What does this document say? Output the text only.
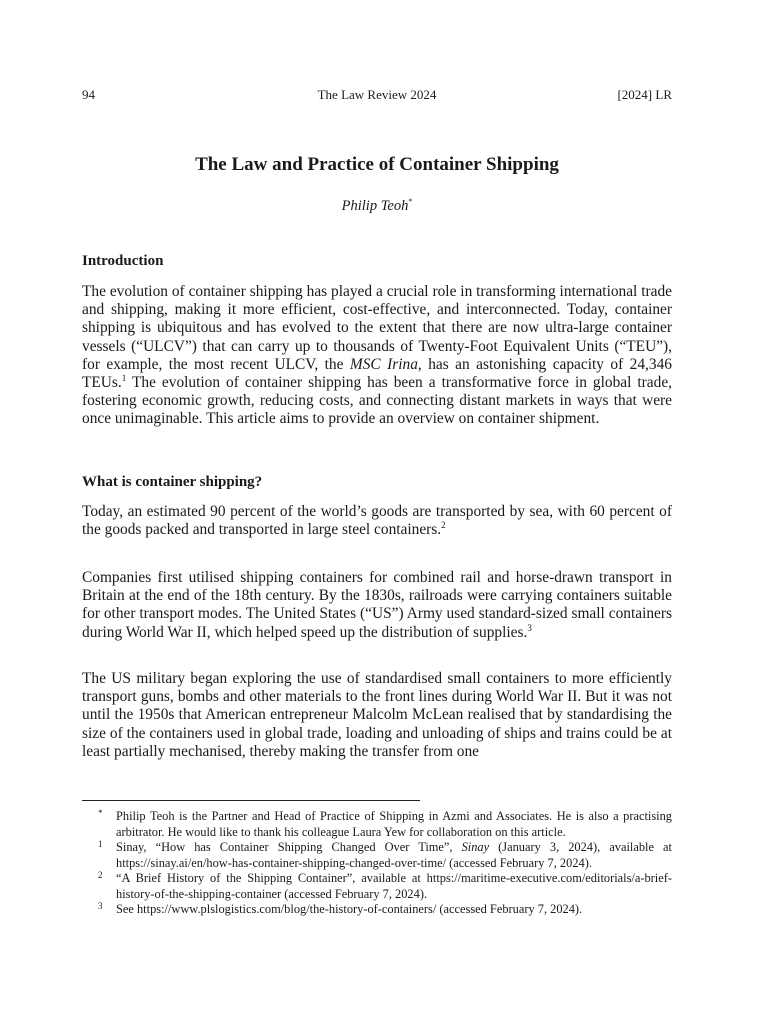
94	The Law Review 2024	[2024] LR
The Law and Practice of Container Shipping
Philip Teoh*
Introduction

The evolution of container shipping has played a crucial role in transforming international trade and shipping, making it more efficient, cost-effective, and interconnected. Today, container shipping is ubiquitous and has evolved to the extent that there are now ultra-large container vessels (“ULCV”) that can carry up to thousands of Twenty-Foot Equivalent Units (“TEU”), for example, the most recent ULCV, the MSC Irina, has an astonishing capacity of 24,346 TEUs.$^1$ The evolution of container shipping has been a transformative force in global trade, fostering economic growth, reducing costs, and connecting distant markets in ways that were once unimaginable. This article aims to provide an overview on container shipment.

What is container shipping?

Today, an estimated 90 percent of the world’s goods are transported by sea, with 60 percent of the goods packed and transported in large steel containers.$^2$

Companies first utilised shipping containers for combined rail and horse-drawn transport in Britain at the end of the 18th century. By the 1830s, railroads were carrying containers suitable for other transport modes. The United States (“US”) Army used standard-sized small containers during World War II, which helped speed up the distribution of supplies.$^3$

The US military began exploring the use of standardised small containers to more efficiently transport guns, bombs and other materials to the front lines during World War II. But it was not until the 1950s that American entrepreneur Malcolm McLean realised that by standardising the size of the containers used in global trade, loading and unloading of ships and trains could be at least partially mechanised, thereby making the transfer from one

* Philip Teoh is the Partner and Head of Practice of Shipping in Azmi and Associates. He is also a practising arbitrator. He would like to thank his colleague Laura Yew for collaboration on this article.

1 Sinay, “How has Container Shipping Changed Over Time”, Sinay (January 3, 2024), available at https://sinay.ai/en/how-has-container-shipping-changed-over-time/ (accessed February 7, 2024).

2 “A Brief History of the Shipping Container”, available at https://maritime-executive.com/editorials/a-brief-history-of-the-shipping-container (accessed February 7, 2024).

3 See https://www.plslogistics.com/blog/the-history-of-containers/ (accessed February 7, 2024).
